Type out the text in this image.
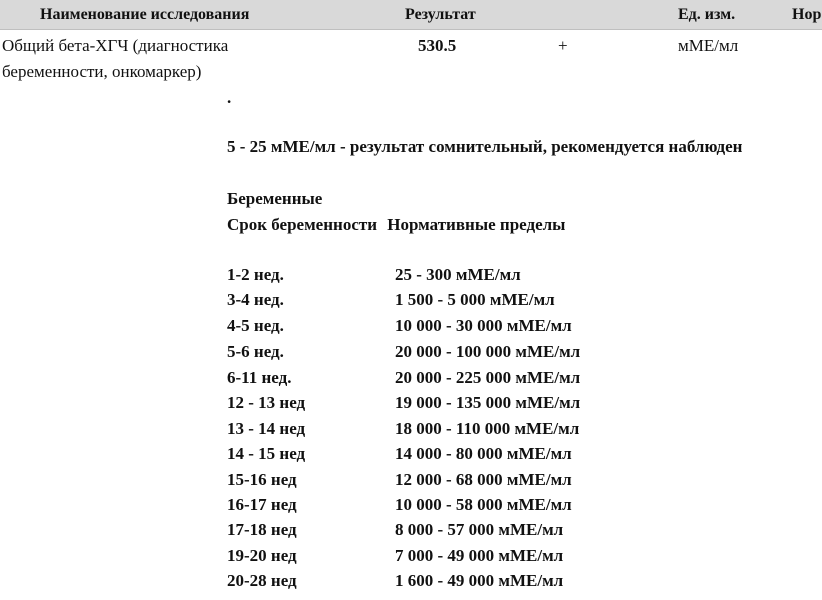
Наименование исследования	Результат	Ед. изм.	Нор
Общий бета-ХГЧ (диагностика
беременности, онкомаркер)
530.5	+	мМЕ/мл
.
5 - 25 мМЕ/мл - результат сомнительный, рекомендуется наблюден
Беременные
Срок беременности Нормативные пределы
1-2 нед.	25 - 300 мМЕ/мл
3-4 нед.	1 500 - 5 000 мМЕ/мл
4-5 нед.	10 000 - 30 000 мМЕ/мл
5-6 нед.	20 000 - 100 000 мМЕ/мл
6-11 нед.	20 000 - 225 000 мМЕ/мл
12 - 13 нед	19 000 - 135 000 мМЕ/мл
13 - 14 нед	18 000 - 110 000 мМЕ/мл
14 - 15 нед	14 000 - 80 000 мМЕ/мл
15-16 нед	12 000 - 68 000 мМЕ/мл
16-17 нед	10 000 - 58 000 мМЕ/мл
17-18 нед	8 000 - 57 000 мМЕ/мл
19-20 нед	7 000 - 49 000 мМЕ/мл
20-28 нед	1 600 - 49 000 мМЕ/мл
